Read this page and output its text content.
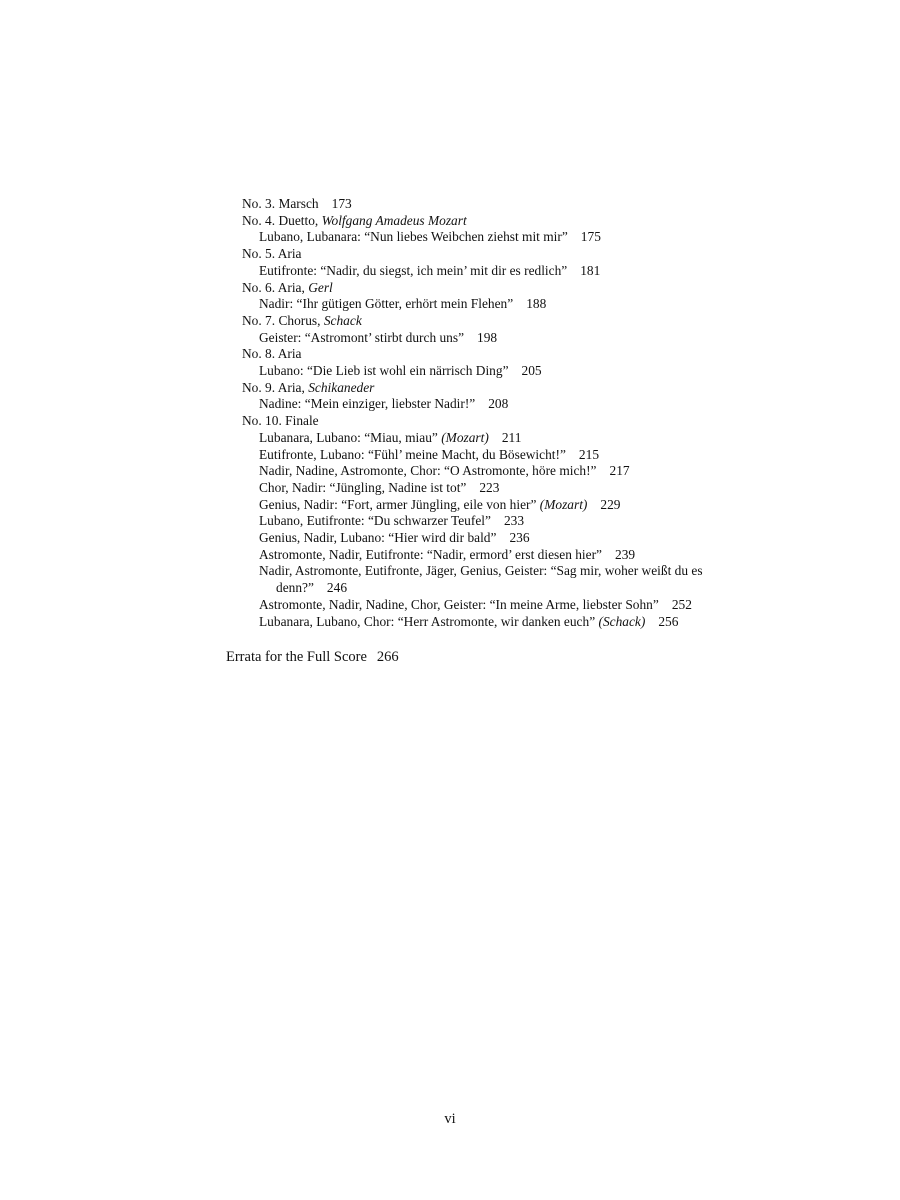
No. 3. Marsch 173

No. 4. Duetto, Wolfgang Amadeus Mozart

Lubano, Lubanara: “Nun liebes Weibchen ziehst mit mir” 175

No. 5. Aria

Eutifronte: “Nadir, du siegst, ich mein’ mit dir es redlich” 181

No. 6. Aria, Gerl

Nadir: “Ihr gütigen Götter, erhört mein Flehen” 188

No. 7. Chorus, Schack

Geister: “Astromont’ stirbt durch uns” 198

No. 8. Aria

Lubano: “Die Lieb ist wohl ein närrisch Ding” 205

No. 9. Aria, Schikaneder

Nadine: “Mein einziger, liebster Nadir!” 208

No. 10. Finale

Lubanara, Lubano: “Miau, miau” (Mozart) 211

Eutifronte, Lubano: “Fühl’ meine Macht, du Bösewicht!” 215

Nadir, Nadine, Astromonte, Chor: “O Astromonte, höre mich!” 217

Chor, Nadir: “Jüngling, Nadine ist tot” 223

Genius, Nadir: “Fort, armer Jüngling, eile von hier” (Mozart) 229

Lubano, Eutifronte: “Du schwarzer Teufel” 233

Genius, Nadir, Lubano: “Hier wird dir bald” 236

Astromonte, Nadir, Eutifronte: “Nadir, ermord’ erst diesen hier” 239

Nadir, Astromonte, Eutifronte, Jäger, Genius, Geister: “Sag mir, woher weißt du es denn?” 246

Astromonte, Nadir, Nadine, Chor, Geister: “In meine Arme, liebster Sohn” 252

Lubanara, Lubano, Chor: “Herr Astromonte, wir danken euch” (Schack) 256

Errata for the Full Score 266

vi
